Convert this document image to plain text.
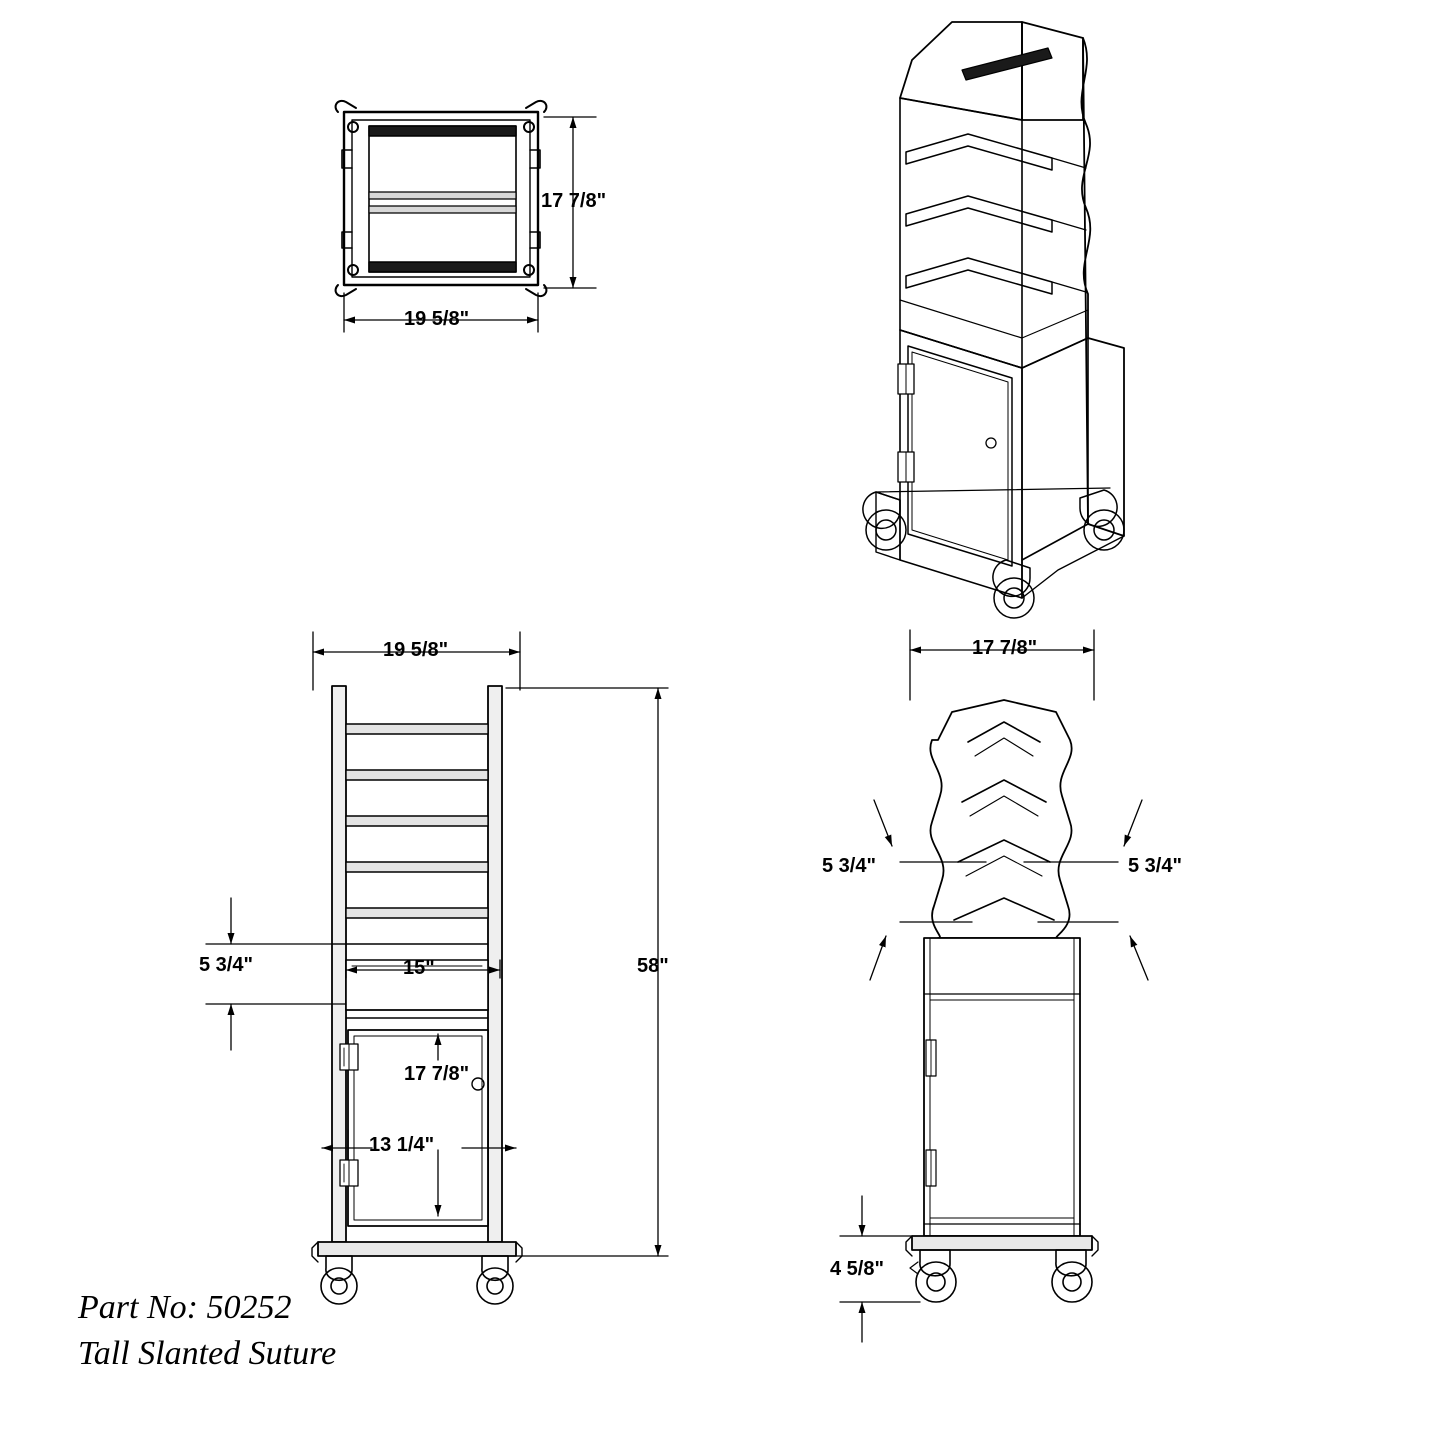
17 7/8"
19 5/8"
19 5/8"
58"
5 3/4"	15"
17 7/8"
13 1/4"
17 7/8"
5 3/4"	5 3/4"
4 5/8"
Part No: 50252
Tall Slanted Suture
